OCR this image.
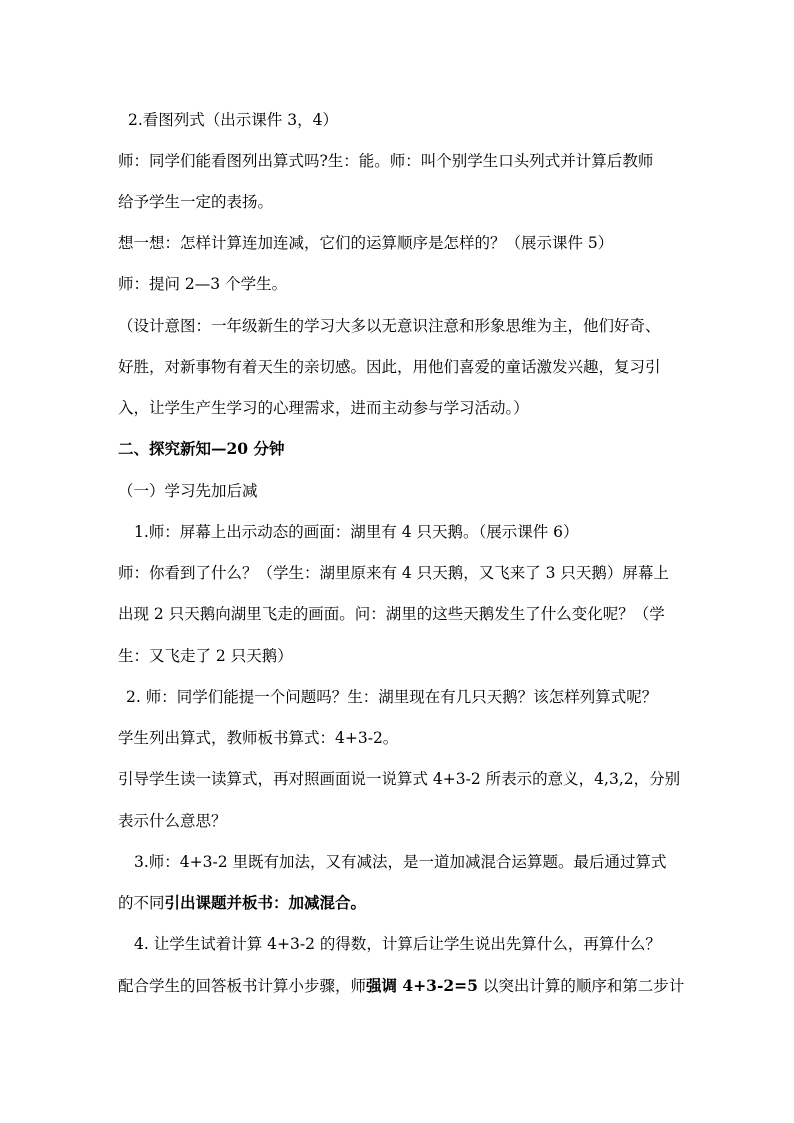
2.看图列式（出示课件 3，4）
师：同学们能看图列出算式吗?生：能。师：叫个别学生口头列式并计算后教师
给予学生一定的表扬。
想一想：怎样计算连加连减，它们的运算顺序是怎样的？（展示课件 5）
师：提问 2—3 个学生。
（设计意图：一年级新生的学习大多以无意识注意和形象思维为主，他们好奇、
好胜，对新事物有着天生的亲切感。因此，用他们喜爱的童话激发兴趣，复习引
入，让学生产生学习的心理需求，进而主动参与学习活动。）
二、探究新知—20 分钟
（一）学习先加后减
1.师：屏幕上出示动态的画面：湖里有 4 只天鹅。（展示课件 6）
师：你看到了什么？（学生：湖里原来有 4 只天鹅，又飞来了 3 只天鹅）屏幕上
出现 2 只天鹅向湖里飞走的画面。问：湖里的这些天鹅发生了什么变化呢？（学
生：又飞走了 2 只天鹅）
2. 师：同学们能提一个问题吗？生：湖里现在有几只天鹅？该怎样列算式呢？
学生列出算式，教师板书算式：4+3-2。
引导学生读一读算式，再对照画面说一说算式 4+3-2 所表示的意义，4,3,2，分别
表示什么意思？
3.师：4+3-2 里既有加法，又有减法，是一道加减混合运算题。最后通过算式
的不同引出课题并板书：加减混合。
4. 让学生试着计算 4+3-2 的得数，计算后让学生说出先算什么，再算什么？
配合学生的回答板书计算小步骤，师强调 4+3-2=5 以突出计算的顺序和第二步计
